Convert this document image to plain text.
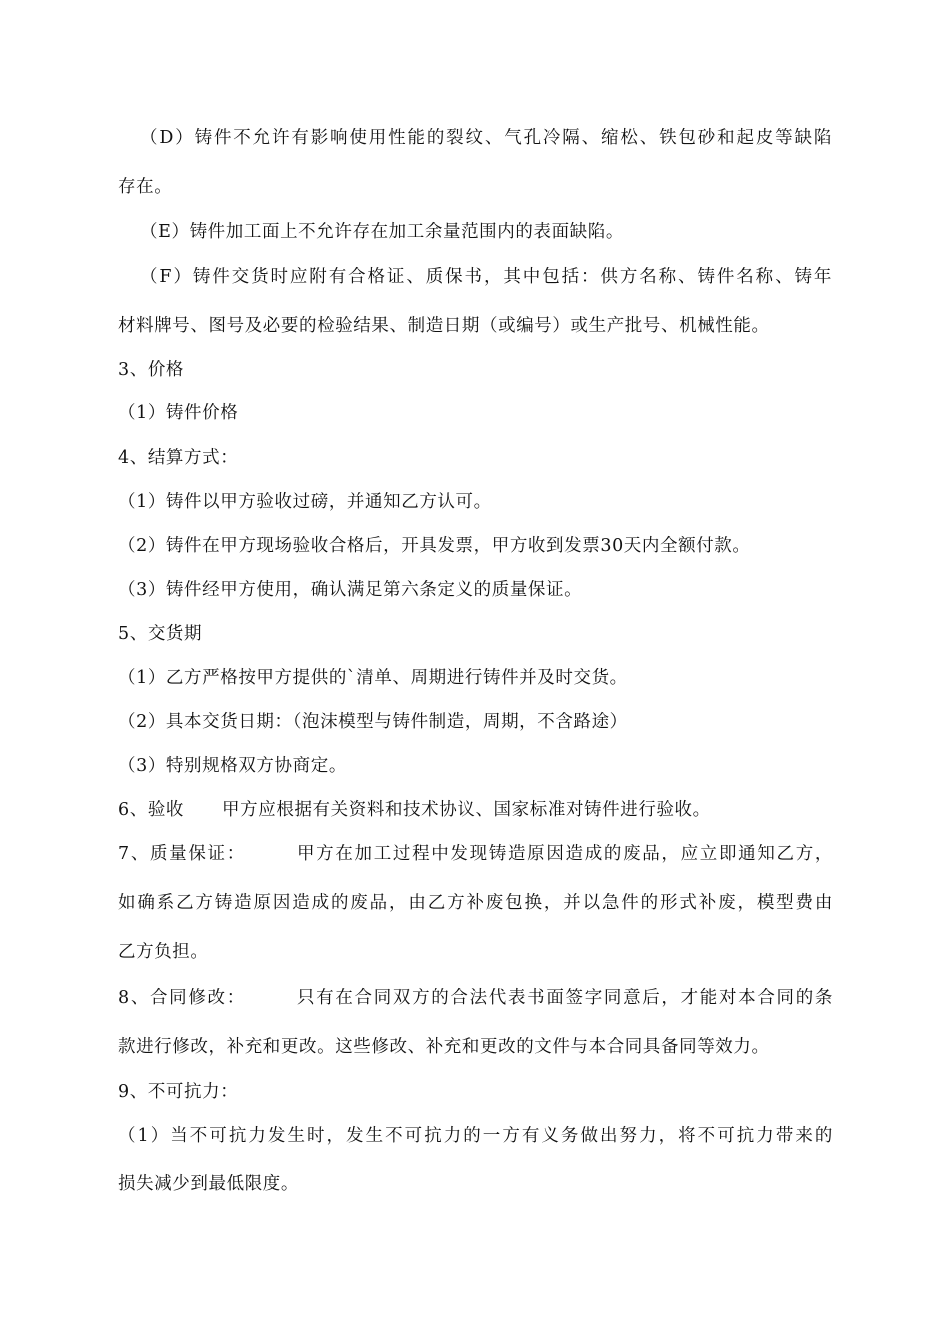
（D）铸件不允许有影响使用性能的裂纹、气孔冷隔、缩松、铁包砂和起皮等缺陷
存在。
（E）铸件加工面上不允许存在加工余量范围内的表面缺陷。
（F）铸件交货时应附有合格证、质保书，其中包括：供方名称、铸件名称、铸年
材料牌号、图号及必要的检验结果、制造日期（或编号）或生产批号、机械性能。
3、价格
（1）铸件价格
4、结算方式：
（1）铸件以甲方验收过磅，并通知乙方认可。
（2）铸件在甲方现场验收合格后，开具发票，甲方收到发票30天内全额付款。
（3）铸件经甲方使用，确认满足第六条定义的质量保证。
5、交货期
（1）乙方严格按甲方提供的`清单、周期进行铸件并及时交货。
（2）具本交货日期：（泡沫模型与铸件制造，周期，不含路途）
（3）特别规格双方协商定。
6、验收 甲方应根据有关资料和技术协议、国家标准对铸件进行验收。
7、质量保证：	甲方在加工过程中发现铸造原因造成的废品，应立即通知乙方，
如确系乙方铸造原因造成的废品，由乙方补废包换，并以急件的形式补废，模型费由
乙方负担。
8、合同修改：	只有在合同双方的合法代表书面签字同意后，才能对本合同的条
款进行修改，补充和更改。这些修改、补充和更改的文件与本合同具备同等效力。
9、不可抗力：
（1）当不可抗力发生时，发生不可抗力的一方有义务做出努力，将不可抗力带来的
损失减少到最低限度。
